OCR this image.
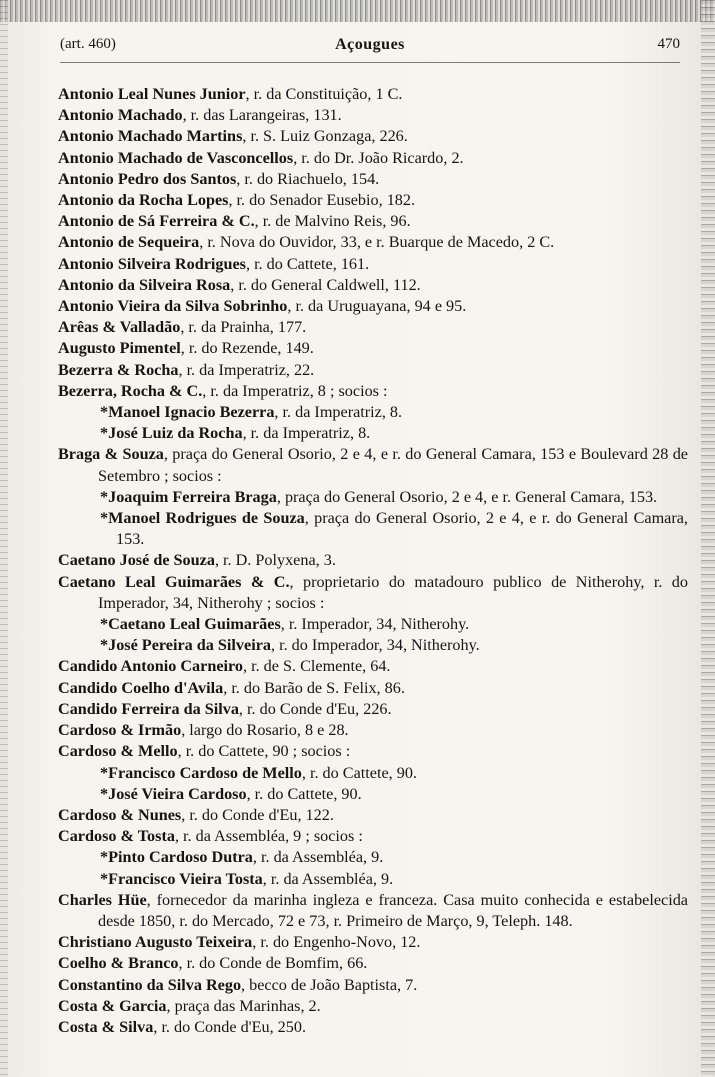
(art. 460)	Açougues	470
Antonio Leal Nunes Junior, r. da Constituição, 1 C.
Antonio Machado, r. das Larangeiras, 131.
Antonio Machado Martins, r. S. Luiz Gonzaga, 226.
Antonio Machado de Vasconcellos, r. do Dr. João Ricardo, 2.
Antonio Pedro dos Santos, r. do Riachuelo, 154.
Antonio da Rocha Lopes, r. do Senador Eusebio, 182.
Antonio de Sá Ferreira & C., r. de Malvino Reis, 96.
Antonio de Sequeira, r. Nova do Ouvidor, 33, e r. Buarque de Macedo, 2 C.
Antonio Silveira Rodrigues, r. do Cattete, 161.
Antonio da Silveira Rosa, r. do General Caldwell, 112.
Antonio Vieira da Silva Sobrinho, r. da Uruguayana, 94 e 95.
Arêas & Valladão, r. da Prainha, 177.
Augusto Pimentel, r. do Rezende, 149.
Bezerra & Rocha, r. da Imperatriz, 22.
Bezerra, Rocha & C., r. da Imperatriz, 8 ; socios :
*Manoel Ignacio Bezerra, r. da Imperatriz, 8.
*José Luiz da Rocha, r. da Imperatriz, 8.
Braga & Souza, praça do General Osorio, 2 e 4, e r. do General Camara, 153 e Boulevard 28 de Setembro ; socios :
*Joaquim Ferreira Braga, praça do General Osorio, 2 e 4, e r. General Camara, 153.
*Manoel Rodrigues de Souza, praça do General Osorio, 2 e 4, e r. do General Camara, 153.
Caetano José de Souza, r. D. Polyxena, 3.
Caetano Leal Guimarães & C., proprietario do matadouro publico de Nitherohy, r. do Imperador, 34, Nitherohy ; socios :
*Caetano Leal Guimarães, r. Imperador, 34, Nitherohy.
*José Pereira da Silveira, r. do Imperador, 34, Nitherohy.
Candido Antonio Carneiro, r. de S. Clemente, 64.
Candido Coelho d'Avila, r. do Barão de S. Felix, 86.
Candido Ferreira da Silva, r. do Conde d'Eu, 226.
Cardoso & Irmão, largo do Rosario, 8 e 28.
Cardoso & Mello, r. do Cattete, 90 ; socios :
*Francisco Cardoso de Mello, r. do Cattete, 90.
*José Vieira Cardoso, r. do Cattete, 90.
Cardoso & Nunes, r. do Conde d'Eu, 122.
Cardoso & Tosta, r. da Assembléa, 9 ; socios :
*Pinto Cardoso Dutra, r. da Assembléa, 9.
*Francisco Vieira Tosta, r. da Assembléa, 9.
Charles Hüe, fornecedor da marinha ingleza e franceza. Casa muito conhecida e estabelecida desde 1850, r. do Mercado, 72 e 73, r. Primeiro de Março, 9, Teleph. 148.
Christiano Augusto Teixeira, r. do Engenho-Novo, 12.
Coelho & Branco, r. do Conde de Bomfim, 66.
Constantino da Silva Rego, becco de João Baptista, 7.
Costa & Garcia, praça das Marinhas, 2.
Costa & Silva, r. do Conde d'Eu, 250.
